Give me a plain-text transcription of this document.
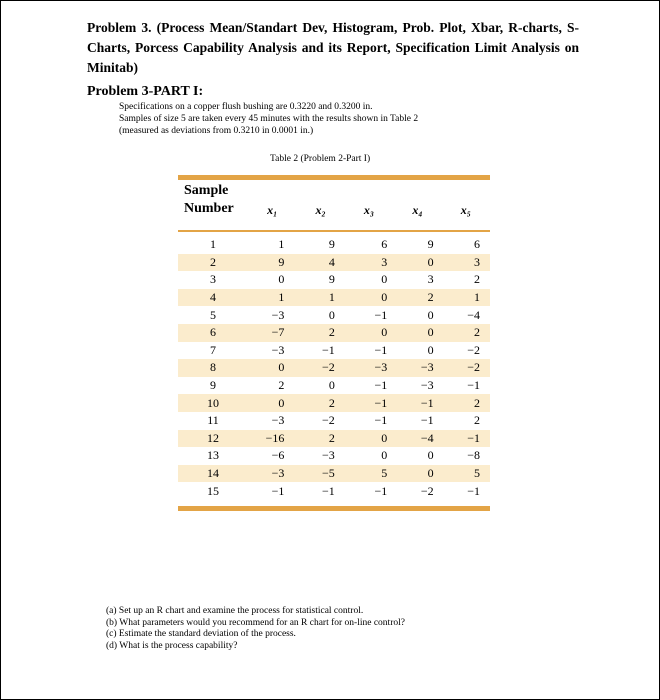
Problem 3. (Process Mean/Standart Dev, Histogram, Prob. Plot, Xbar, R-charts, S-Charts, Porcess Capability Analysis and its Report, Specification Limit Analysis on Minitab)
Problem 3-PART I:
Specifications on a copper flush bushing are 0.3220 and 0.3200 in.
Samples of size 5 are taken every 45 minutes with the results shown in Table 2
(measured as deviations from 0.3210 in 0.0001 in.)
Table 2 (Problem 2-Part I)
Sample
Number	x₁	x₂	x₃	x₄	x₅
1	1	9	6	9	6
2	9	4	3	0	3
3	0	9	0	3	2
4	1	1	0	2	1
5	−3	0	−1	0	−4
6	−7	2	0	0	2
7	−3	−1	−1	0	−2
8	0	−2	−3	−3	−2
9	2	0	−1	−3	−1
10	0	2	−1	−1	2
11	−3	−2	−1	−1	2
12	−16	2	0	−4	−1
13	−6	−3	0	0	−8
14	−3	−5	5	0	5
15	−1	−1	−1	−2	−1
(a) Set up an R chart and examine the process for statistical control.
(b) What parameters would you recommend for an R chart for on-line control?
(c) Estimate the standard deviation of the process.
(d) What is the process capability?
